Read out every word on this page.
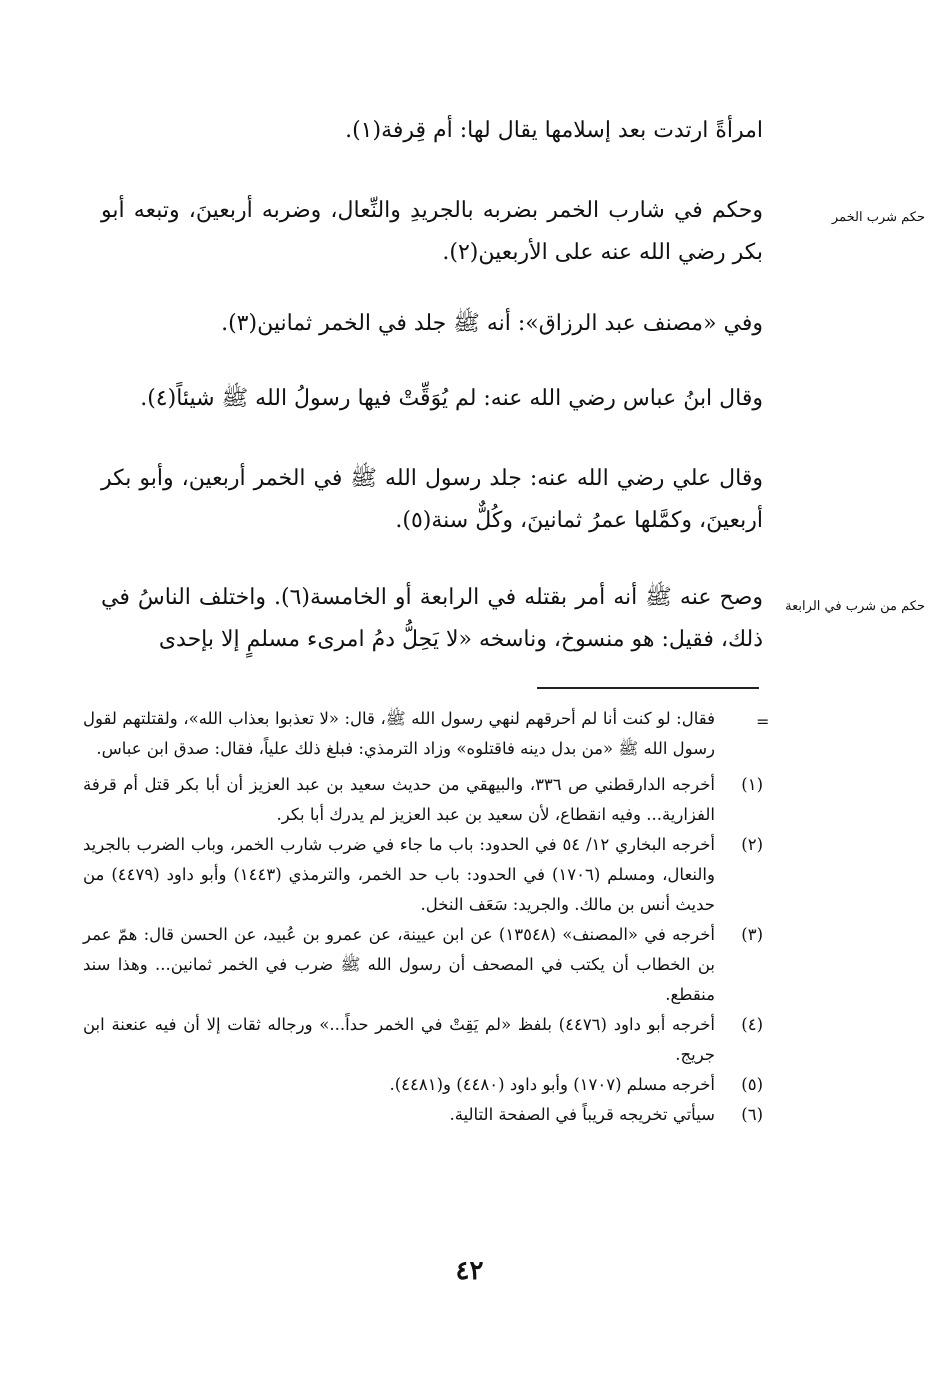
حكم شرب الخمر
حكم من شرب في الرابعة
امرأةً ارتدت بعد إسلامها يقال لها: أم قِرفة(١).
وحكم في شارب الخمر بضربه بالجريدِ والنِّعال، وضربه أربعينَ، وتبعه أبو بكر رضي الله عنه على الأربعين(٢).
وفي «مصنف عبد الرزاق»: أنه ﷺ جلد في الخمر ثمانين(٣).
وقال ابنُ عباس رضي الله عنه: لم يُوَقِّتْ فيها رسولُ الله ﷺ شيئاً(٤).
وقال علي رضي الله عنه: جلد رسول الله ﷺ في الخمر أربعين، وأبو بكر أربعينَ، وكمَّلها عمرُ ثمانينَ، وكُلٌّ سنة(٥).
وصح عنه ﷺ أنه أمر بقتله في الرابعة أو الخامسة(٦). واختلف الناسُ في ذلك، فقيل: هو منسوخ، وناسخه «لا يَحِلُّ دمُ امرىء مسلمٍ إلا بإحدى
=
فقال: لو كنت أنا لم أحرقهم لنهي رسول الله ﷺ، قال: «لا تعذبوا بعذاب الله»، ولقتلتهم لقول رسول الله ﷺ «من بدل دينه فاقتلوه» وزاد الترمذي: فبلغ ذلك علياً، فقال: صدق ابن عباس.
(١)
أخرجه الدارقطني ص ٣٣٦، والبيهقي من حديث سعيد بن عبد العزيز أن أبا بكر قتل أم قرفة الفزارية... وفيه انقطاع، لأن سعيد بن عبد العزيز لم يدرك أبا بكر.
(٢)
أخرجه البخاري ١٢/ ٥٤ في الحدود: باب ما جاء في ضرب شارب الخمر، وباب الضرب بالجريد والنعال، ومسلم (١٧٠٦) في الحدود: باب حد الخمر، والترمذي (١٤٤٣) وأبو داود (٤٤٧٩) من حديث أنس بن مالك. والجريد: سَعَف النخل.
(٣)
أخرجه في «المصنف» (١٣٥٤٨) عن ابن عيينة، عن عمرو بن عُبيد، عن الحسن قال: همّ عمر بن الخطاب أن يكتب في المصحف أن رسول الله ﷺ ضرب في الخمر ثمانين... وهذا سند منقطع.
(٤)
أخرجه أبو داود (٤٤٧٦) بلفظ «لم يَقِتْ في الخمر حداً...» ورجاله ثقات إلا أن فيه عنعنة ابن جريج.
(٥)
أخرجه مسلم (١٧٠٧) وأبو داود (٤٤٨٠) و(٤٤٨١).
(٦)
سيأتي تخريجه قريباً في الصفحة التالية.
٤٢
